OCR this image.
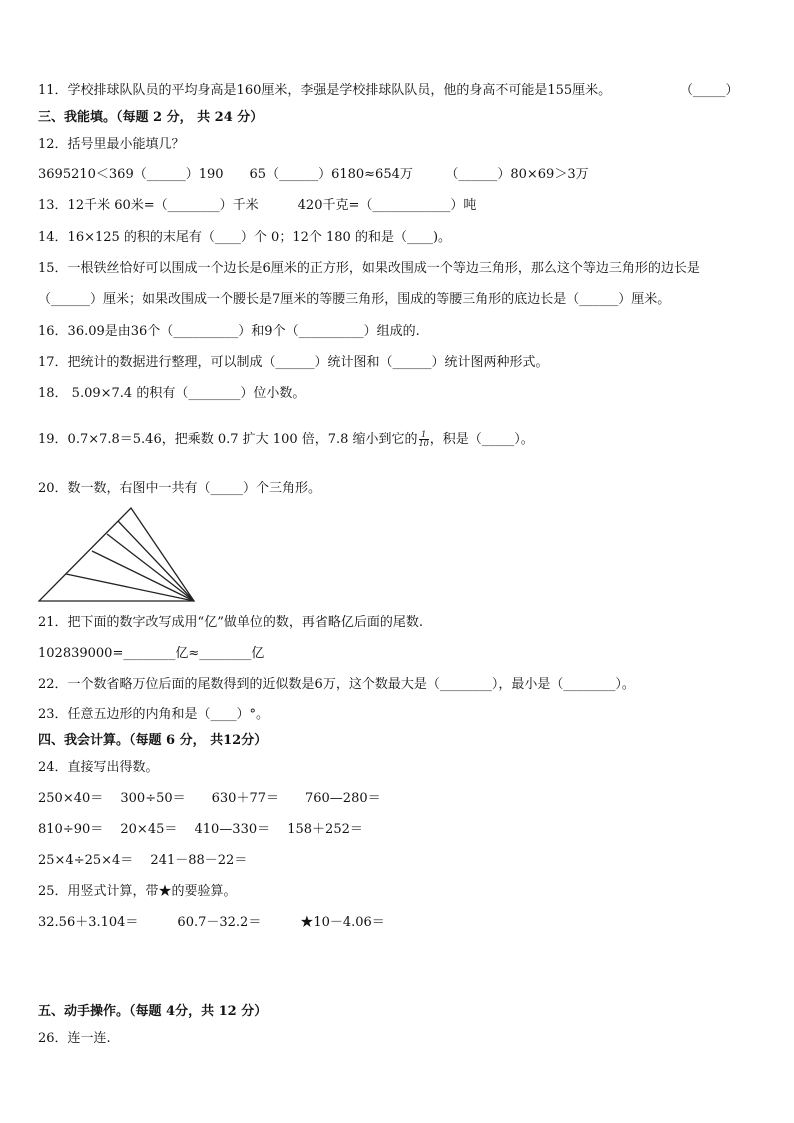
11．学校排球队队员的平均身高是160厘米，李强是学校排球队队员，他的身高不可能是155厘米。	（_____）
三、我能填。（每题 2 分， 共 24 分）
12．括号里最小能填几？
3695210＜369（______）190　　65（______）6180≈654万　　　（______）80×69＞3万
13．12千米 60米=（________）千米　　　420千克=（____________）吨
14．16×125 的积的末尾有（____）个 0；12个 180 的和是（____)。
15．一根铁丝恰好可以围成一个边长是6厘米的正方形，如果改围成一个等边三角形，那么这个等边三角形的边长是
（______）厘米；如果改围成一个腰长是7厘米的等腰三角形，围成的等腰三角形的底边长是（______）厘米。
16．36.09是由36个（__________）和9个（__________）组成的.
17．把统计的数据进行整理，可以制成（______）统计图和（______）统计图两种形式。
18． 5.09×7.4 的积有（________）位小数。
19．0.7×7.8＝5.46，把乘数 0.7 扩大 100 倍，7.8 缩小到它的 $\frac{1}{10}$ ，积是（_____）。
20．数一数，右图中一共有（_____）个三角形。
21．把下面的数字改写成用“亿”做单位的数，再省略亿后面的尾数.
102839000=________亿≈________亿
22．一个数省略万位后面的尾数得到的近似数是6万，这个数最大是（________），最小是（________）。
23．任意五边形的内角和是（____）°。
四、我会计算。（每题 6 分， 共12分）
24．直接写出得数。
250×40＝　 300÷50＝　　630＋77＝　　760—280＝
810÷90＝　 20×45＝　 410—330＝　 158＋252＝
25×4÷25×4＝　 241－88－22＝
25．用竖式计算，带★的要验算。
32.56＋3.104＝　　　60.7－32.2＝　　　★10－4.06＝
五、动手操作。（每题 4分，共 12 分）
26．连一连.
